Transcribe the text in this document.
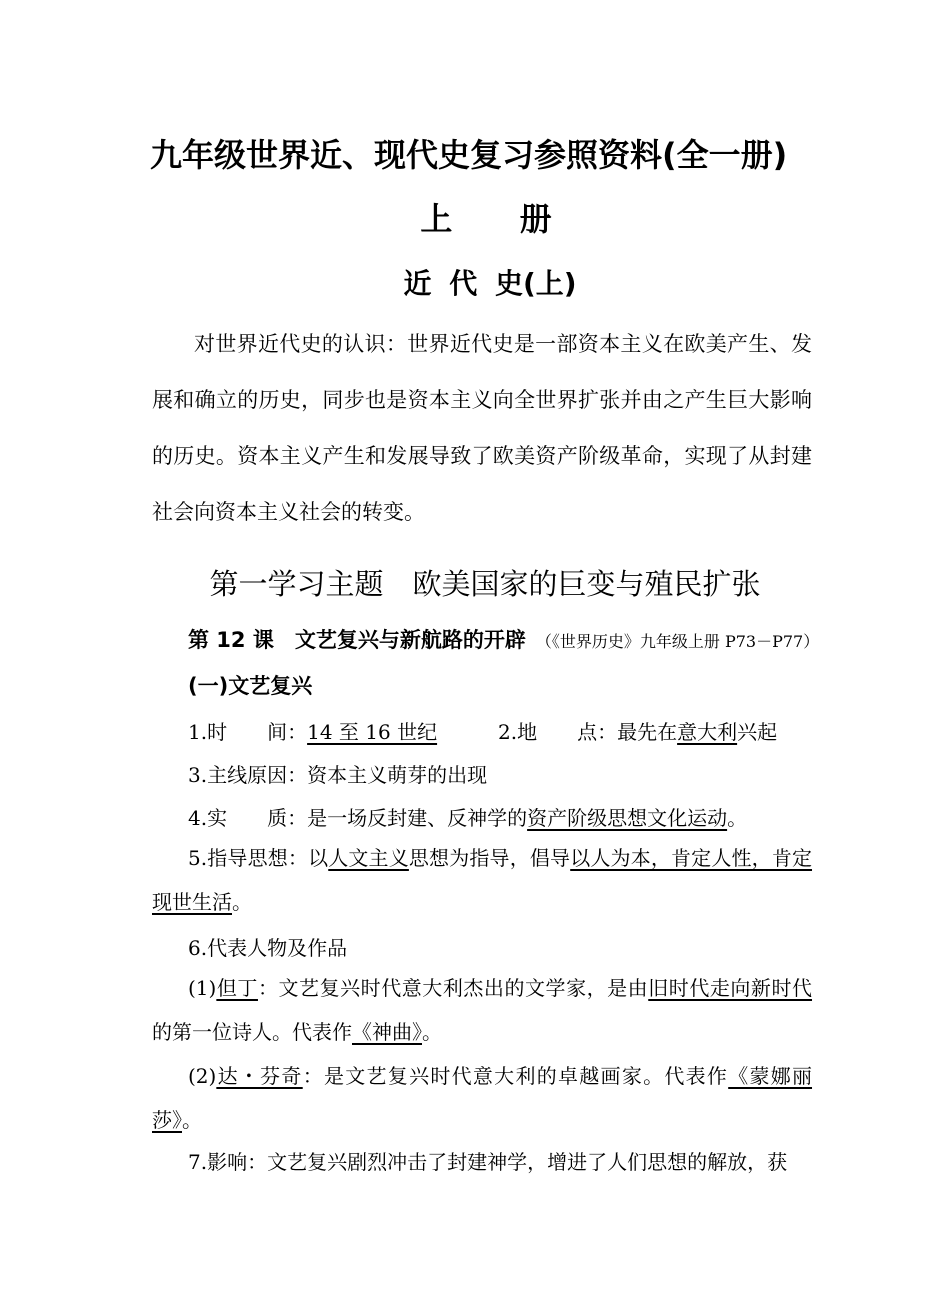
九年级世界近、现代史复习参照资料(全一册)
上 册
近 代 史(上)
对世界近代史的认识：世界近代史是一部资本主义在欧美产生、发展和确立的历史，同步也是资本主义向全世界扩张并由之产生巨大影响的历史。资本主义产生和发展导致了欧美资产阶级革命，实现了从封建社会向资本主义社会的转变。
第一学习主题　欧美国家的巨变与殖民扩张
第 12 课　文艺复兴与新航路的开辟 （《世界历史》九年级上册 P73－P77）
(一)文艺复兴
1.时　　间：14 至 16 世纪	2.地　　点：最先在意大利兴起
3.主线原因：资本主义萌芽的出现
4.实　　质：是一场反封建、反神学的资产阶级思想文化运动。
5.指导思想：以人文主义思想为指导，倡导以人为本，肯定人性，肯定现世生活。
6.代表人物及作品
(1)但丁：文艺复兴时代意大利杰出的文学家，是由旧时代走向新时代的第一位诗人。代表作《神曲》。
(2)达・芬奇：是文艺复兴时代意大利的卓越画家。代表作《蒙娜丽莎》。
7.影响：文艺复兴剧烈冲击了封建神学，增进了人们思想的解放，获
